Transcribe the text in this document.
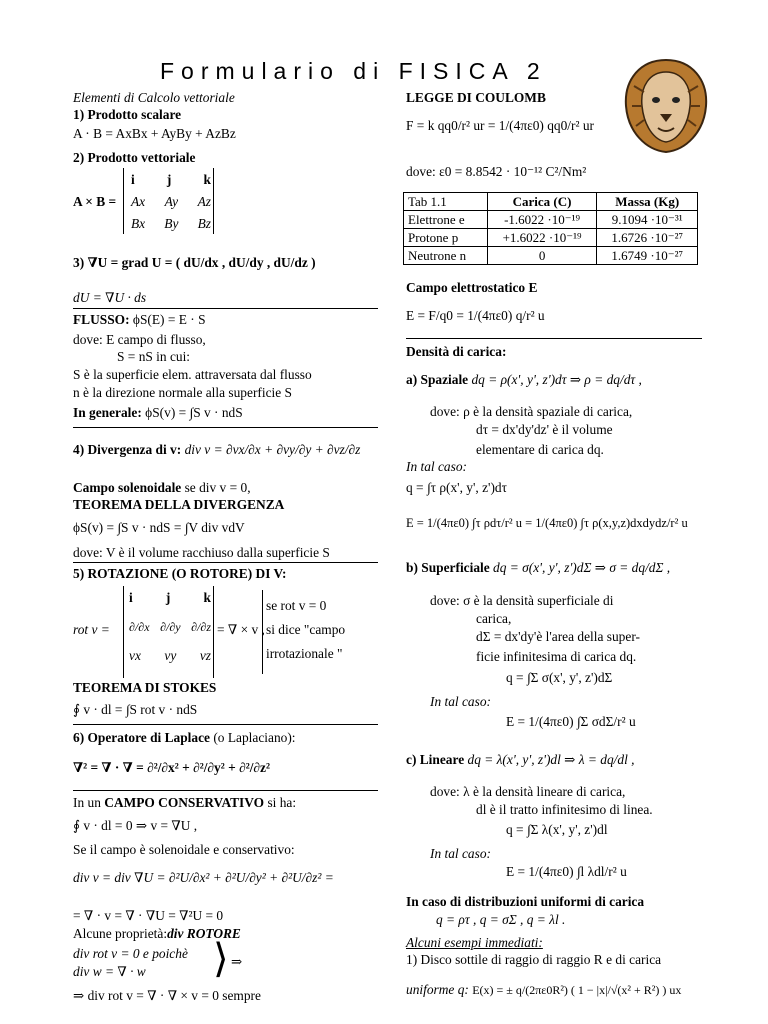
Formulario di FISICA 2
Elementi di Calcolo vettoriale
1) Prodotto scalare
A · B = AxBx + AyBy + AzBz
2) Prodotto vettoriale
A × B =
i j k
Ax Ay Az
Bx By Bz
3) ∇U = grad U = ( dU/dx , dU/dy , dU/dz )
dU = ∇U · ds
FLUSSO: ϕS(E) = E · S
dove: E campo di flusso,
S = nS in cui:
S è la superficie elem. attraversata dal flusso
n è la direzione normale alla superficie S
In generale: ϕS(v) = ∫S v · ndS
4) Divergenza di v: div v = ∂vx/∂x + ∂vy/∂y + ∂vz/∂z
Campo solenoidale se div v = 0,
TEOREMA DELLA DIVERGENZA
ϕS(v) = ∫S v · ndS = ∫V div vdV
dove: V è il volume racchiuso dalla superficie S
5) ROTAZIONE (O ROTORE) DI V:
rot v =
i j k
∂/∂x ∂/∂y ∂/∂z
vx vy vz
= ∇ × v ,
se rot v = 0
si dice "campo
irrotazionale "
TEOREMA DI STOKES
∮ v · dl = ∫S rot v · ndS
6) Operatore di Laplace (o Laplaciano):
∇² = ∇ · ∇ = ∂²/∂x² + ∂²/∂y² + ∂²/∂z²
In un CAMPO CONSERVATIVO si ha:
∮ v · dl = 0 ⇒ v = ∇U ,
Se il campo è solenoidale e conservativo:
div v = div ∇U = ∂²U/∂x² + ∂²U/∂y² + ∂²U/∂z² =
= ∇ · v = ∇ · ∇U = ∇²U = 0
Alcune proprietà:div ROTORE
div rot v = 0 e poichè
div w = ∇ · w ⟩ ⇒
⇒ div rot v = ∇ · ∇ × v = 0 sempre
LEGGE DI COULOMB
F = k qq0/r² ur = 1/(4πε0) qq0/r² ur
dove: ε0 = 8.8542 · 10⁻¹² C²/Nm²
Tab 1.1	Carica (C)	Massa (Kg)
Elettrone e	-1.6022 ·10⁻¹⁹	9.1094 ·10⁻³¹
Protone p	+1.6022 ·10⁻¹⁹	1.6726 ·10⁻²⁷
Neutrone n	0	1.6749 ·10⁻²⁷
Campo elettrostatico E
E = F/q0 = 1/(4πε0) q/r² u
Densità di carica:
a) Spaziale dq = ρ(x', y', z')dτ ⇒ ρ = dq/dτ ,
dove: ρ è la densità spaziale di carica,
dτ = dx'dy'dz' è il volume
elementare di carica dq.
In tal caso:
q = ∫τ ρ(x', y', z')dτ
E = 1/(4πε0) ∫τ ρdτ/r² u = 1/(4πε0) ∫τ ρ(x,y,z)dxdydz/r² u
b) Superficiale dq = σ(x', y', z')dΣ ⇒ σ = dq/dΣ ,
dove: σ è la densità superficiale di
carica,
dΣ = dx'dy'è l'area della super-
ficie infinitesima di carica dq.
q = ∫Σ σ(x', y', z')dΣ
In tal caso:
E = 1/(4πε0) ∫Σ σdΣ/r² u
c) Lineare dq = λ(x', y', z')dl ⇒ λ = dq/dl ,
dove: λ è la densità lineare di carica,
dl è il tratto infinitesimo di linea.
q = ∫Σ λ(x', y', z')dl
In tal caso:
E = 1/(4πε0) ∫l λdl/r² u
In caso di distribuzioni uniformi di carica
q = ρτ , q = σΣ , q = λl .
Alcuni esempi immediati:
1) Disco sottile di raggio di raggio R e di carica
uniforme q: E(x) = ± q/(2πε0R²) ( 1 − |x|/√(x² + R²) ) ux
